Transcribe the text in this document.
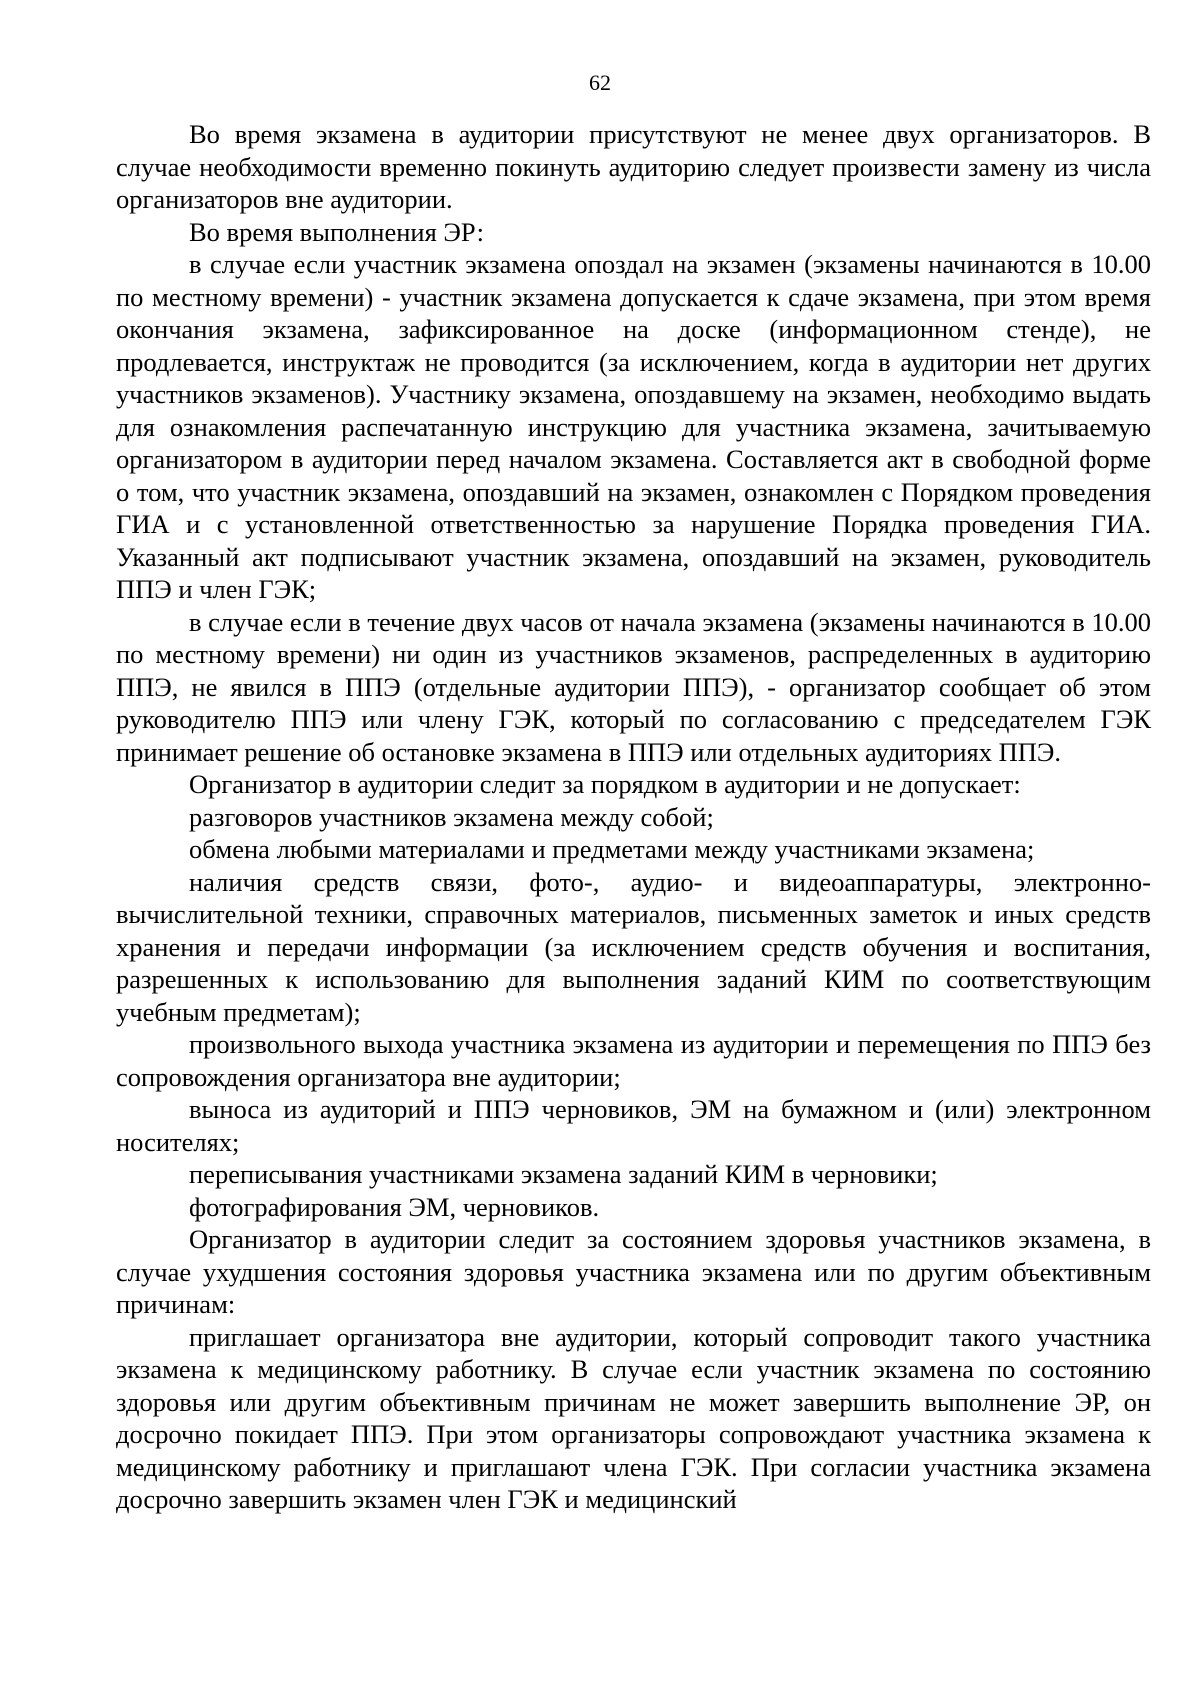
62

Во время экзамена в аудитории присутствуют не менее двух организаторов. В случае необходимости временно покинуть аудиторию следует произвести замену из числа организаторов вне аудитории.

Во время выполнения ЭР:

в случае если участник экзамена опоздал на экзамен (экзамены начинаются в 10.00 по местному времени) - участник экзамена допускается к сдаче экзамена, при этом время окончания экзамена, зафиксированное на доске (информационном стенде), не продлевается, инструктаж не проводится (за исключением, когда в аудитории нет других участников экзаменов). Участнику экзамена, опоздавшему на экзамен, необходимо выдать для ознакомления распечатанную инструкцию для участника экзамена, зачитываемую организатором в аудитории перед началом экзамена. Составляется акт в свободной форме о том, что участник экзамена, опоздавший на экзамен, ознакомлен с Порядком проведения ГИА и с установленной ответственностью за нарушение Порядка проведения ГИА. Указанный акт подписывают участник экзамена, опоздавший на экзамен, руководитель ППЭ и член ГЭК;

в случае если в течение двух часов от начала экзамена (экзамены начинаются в 10.00 по местному времени) ни один из участников экзаменов, распределенных в аудиторию ППЭ, не явился в ППЭ (отдельные аудитории ППЭ), - организатор сообщает об этом руководителю ППЭ или члену ГЭК, который по согласованию с председателем ГЭК принимает решение об остановке экзамена в ППЭ или отдельных аудиториях ППЭ.

Организатор в аудитории следит за порядком в аудитории и не допускает:

разговоров участников экзамена между собой;

обмена любыми материалами и предметами между участниками экзамена;

наличия средств связи, фото-, аудио- и видеоаппаратуры, электронно-вычислительной техники, справочных материалов, письменных заметок и иных средств хранения и передачи информации (за исключением средств обучения и воспитания, разрешенных к использованию для выполнения заданий КИМ по соответствующим учебным предметам);

произвольного выхода участника экзамена из аудитории и перемещения по ППЭ без сопровождения организатора вне аудитории;

выноса из аудиторий и ППЭ черновиков, ЭМ на бумажном и (или) электронном носителях;

переписывания участниками экзамена заданий КИМ в черновики;

фотографирования ЭМ, черновиков.

Организатор в аудитории следит за состоянием здоровья участников экзамена, в случае ухудшения состояния здоровья участника экзамена или по другим объективным причинам:

приглашает организатора вне аудитории, который сопроводит такого участника экзамена к медицинскому работнику. В случае если участник экзамена по состоянию здоровья или другим объективным причинам не может завершить выполнение ЭР, он досрочно покидает ППЭ. При этом организаторы сопровождают участника экзамена к медицинскому работнику и приглашают члена ГЭК. При согласии участника экзамена досрочно завершить экзамен член ГЭК и медицинский
